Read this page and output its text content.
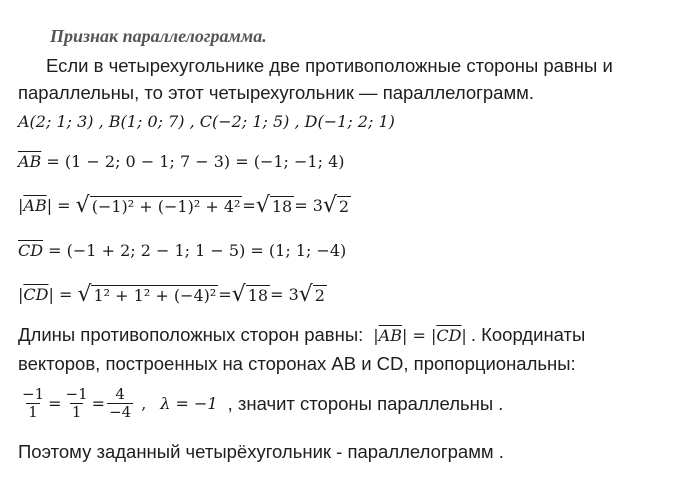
Признак параллелограмма.
Если в четырехугольнике две противоположные стороны равны и параллельны, то этот четырехугольник — параллелограмм.
A(2; 1; 3) , B(1; 0; 7) , C(−2; 1; 5) , D(−1; 2; 1)
$\overline{AB} = (1 - 2$; 0 − 1; 7 − 3) = (−1; −1; 4)
| $\overline{AB}$ | = √ (−1)² + (−1)² + 4² = √ 18 = 3 √ 2
$\overline{CD} = (-1 + 2$; 2 − 1; 1 − 5) = (1; 1; −4)
| $\overline{CD}$ | = √ 1² + 1² + (−4)² = √ 18 = 3 √ 2
Длины противоположных сторон равны: $|\overline{AB}| = |\overline{CD}|$ . Координаты
векторов, построенных на сторонах AB и CD, пропорциональны:
$\frac{-1}{1} = \frac{-1}{1} = \frac{4}{-4}$ , λ = −1 , значит стороны параллельны .
Поэтому заданный четырёхугольник - параллелограмм .
